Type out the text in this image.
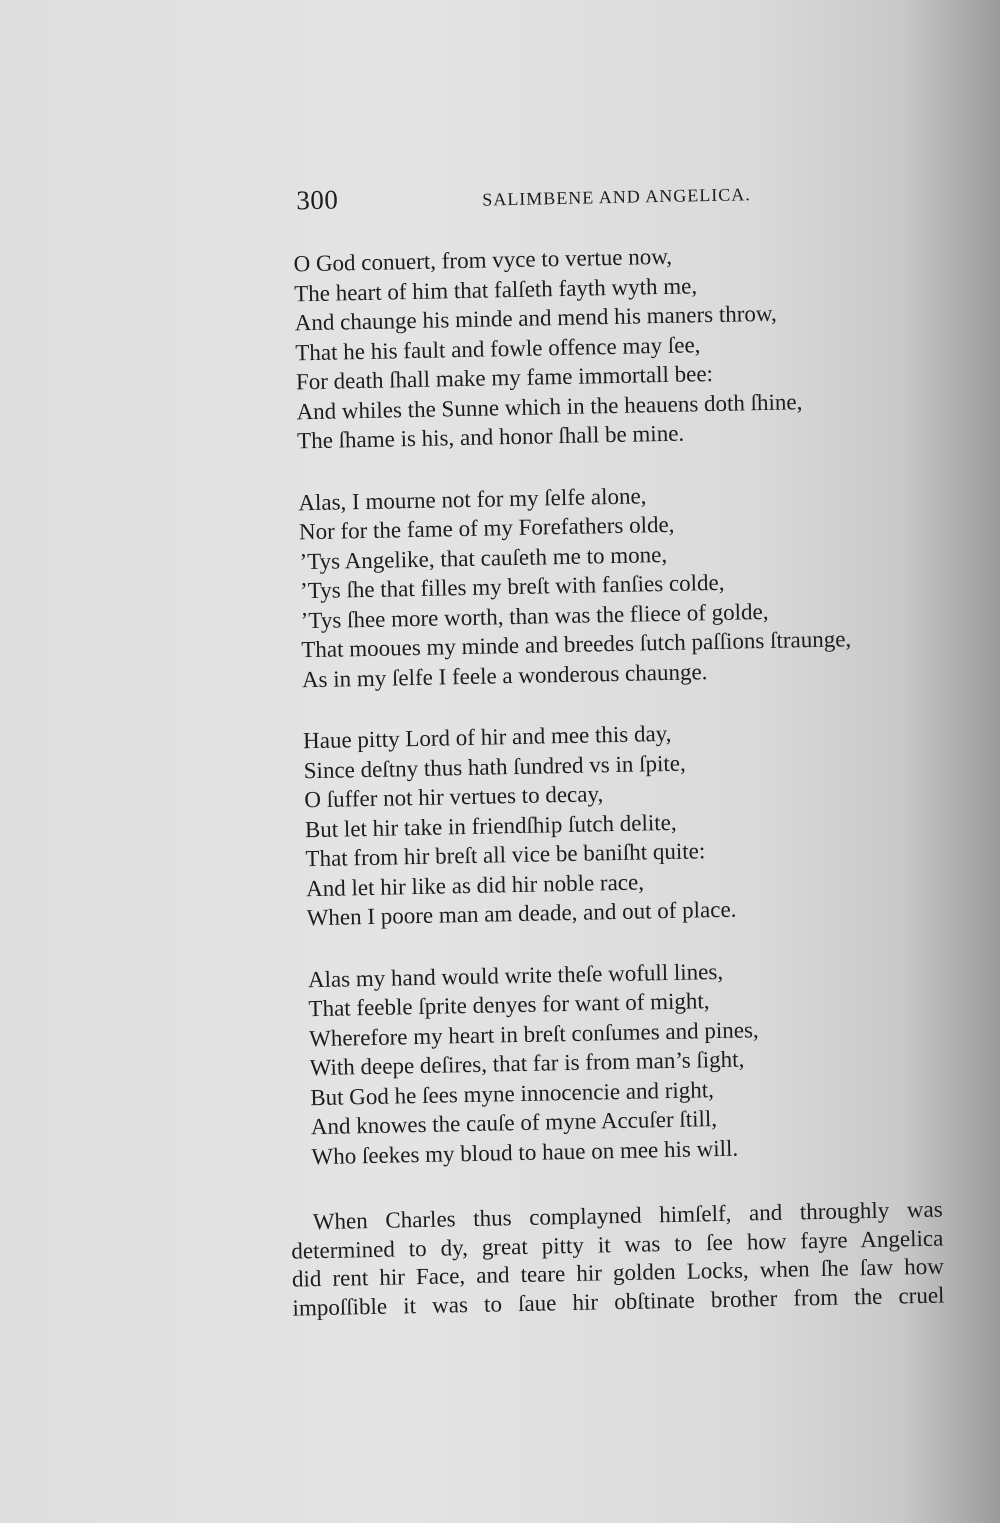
300	SALIMBENE AND ANGELICA.
O God conuert, from vyce to vertue now,
The heart of him that falſeth fayth wyth me,
And chaunge his minde and mend his maners throw,
That he his fault and fowle offence may ſee,
For death ſhall make my fame immortall bee:
And whiles the Sunne which in the heauens doth ſhine,
The ſhame is his, and honor ſhall be mine.
Alas, I mourne not for my ſelfe alone,
Nor for the fame of my Forefathers olde,
’Tys Angelike, that cauſeth me to mone,
’Tys ſhe that filles my breſt with fanſies colde,
’Tys ſhee more worth, than was the fliece of golde,
That mooues my minde and breedes ſutch paſſions ſtraunge,
As in my ſelfe I feele a wonderous chaunge.
Haue pitty Lord of hir and mee this day,
Since deſtny thus hath ſundred vs in ſpite,
O ſuffer not hir vertues to decay,
But let hir take in friendſhip ſutch delite,
That from hir breſt all vice be baniſht quite:
And let hir like as did hir noble race,
When I poore man am deade, and out of place.
Alas my hand would write theſe wofull lines,
That feeble ſprite denyes for want of might,
Wherefore my heart in breſt conſumes and pines,
With deepe deſires, that far is from man’s ſight,
But God he ſees myne innocencie and right,
And knowes the cauſe of myne Accuſer ſtill,
Who ſeekes my bloud to haue on mee his will.
When Charles thus complayned himſelf, and throughly was
determined to dy, great pitty it was to ſee how fayre Angelica
did rent hir Face, and teare hir golden Locks, when ſhe ſaw how
impoſſible it was to ſaue hir obſtinate brother from the cruel
